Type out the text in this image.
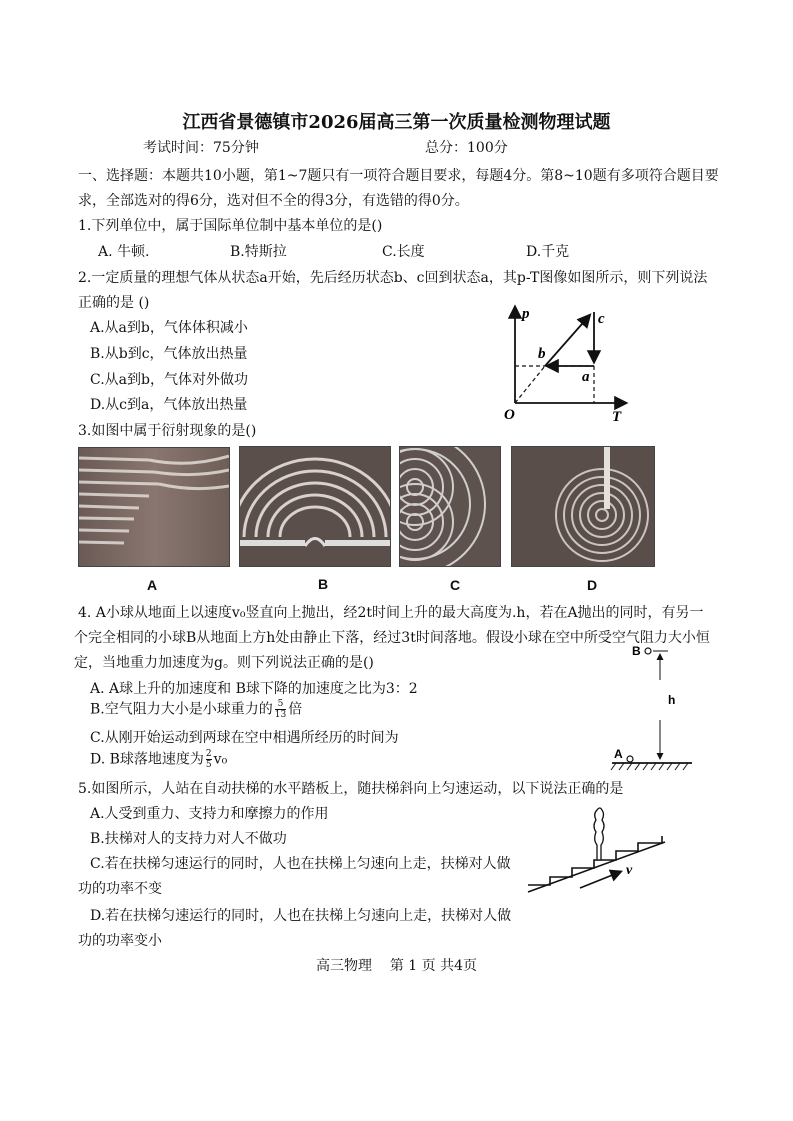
江西省景德镇市2026届高三第一次质量检测物理试题
考试时间：75分钟	总分：100分
一、选择题：本题共10小题，第1~7题只有一项符合题目要求，每题4分。第8~10题有多项符合题目要
求，全部选对的得6分，选对但不全的得3分，有选错的得0分。
1.下列单位中，属于国际单位制中基本单位的是()
A. 牛顿.	B.特斯拉	C.长度	D.千克
2.一定质量的理想气体从状态a开始，先后经历状态b、c回到状态a，其p-T图像如图所示，则下列说法
正确的是 ()
A.从a到b，气体体积减小
B.从b到c，气体放出热量
C.从a到b，气体对外做功
D.从c到a，气体放出热量
p
T
O
a
b
c
3.如图中属于衍射现象的是()
A	B	C	D
4. A小球从地面上以速度v₀竖直向上抛出，经2t时间上升的最大高度为.h，若在A抛出的同时，有另一
个完全相同的小球B从地面上方h处由静止下落，经过3t时间落地。假设小球在空中所受空气阻力大小恒
定，当地重力加速度为g。则下列说法正确的是()
A. A球上升的加速度和 B球下降的加速度之比为3：2
B.空气阻力大小是小球重力的 $\frac{5}{13}$ 倍
C.从刚开始运动到两球在空中相遇所经历的时间为
D. B球落地速度为 $\frac{2}{5} v_0$
B
h
A
5.如图所示，人站在自动扶梯的水平踏板上，随扶梯斜向上匀速运动，以下说法正确的是
A.人受到重力、支持力和摩擦力的作用
B.扶梯对人的支持力对人不做功
C.若在扶梯匀速运行的同时，人也在扶梯上匀速向上走，扶梯对人做
功的功率不变
D.若在扶梯匀速运行的同时，人也在扶梯上匀速向上走，扶梯对人做
功的功率变小
v
高三物理    第 1 页 共4页
